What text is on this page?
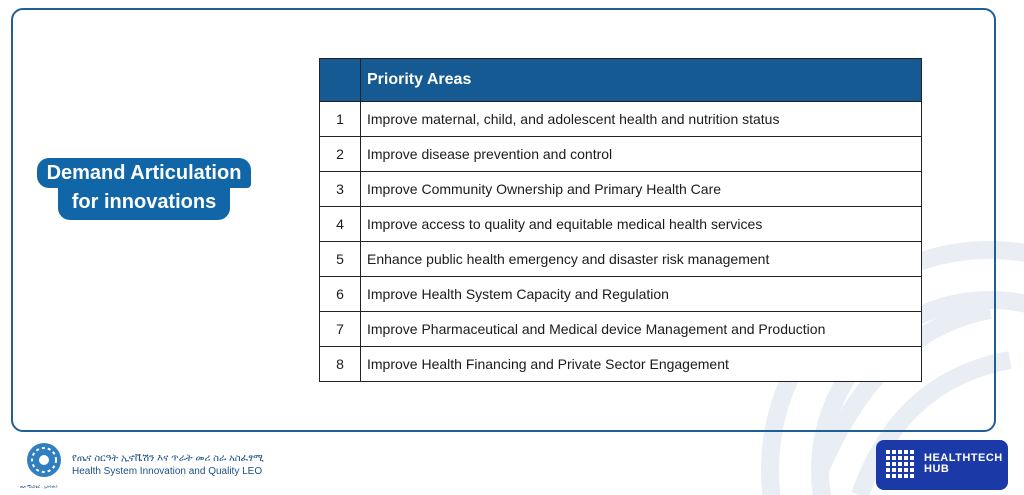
Demand Articulation
for innovations
	Priority Areas
1	Improve maternal, child, and adolescent health and nutrition status
2	Improve disease prevention and control
3	Improve Community Ownership and Primary Health Care
4	Improve access to quality and equitable medical health services
5	Enhance public health emergency and disaster risk management
6	Improve Health System Capacity and Regulation
7	Improve Pharmaceutical and Medical device Management and Production
8	Improve Health Financing and Private Sector Engagement
ጤና ሚኒስቴር - ኢትዮጵያ
የጤና ስርዓት ኢኖቬሽን እና ጥራት መሪ ስራ አስፈፃሚ
Health System Innovation and Quality LEO
HEALTHTECH
HUB
